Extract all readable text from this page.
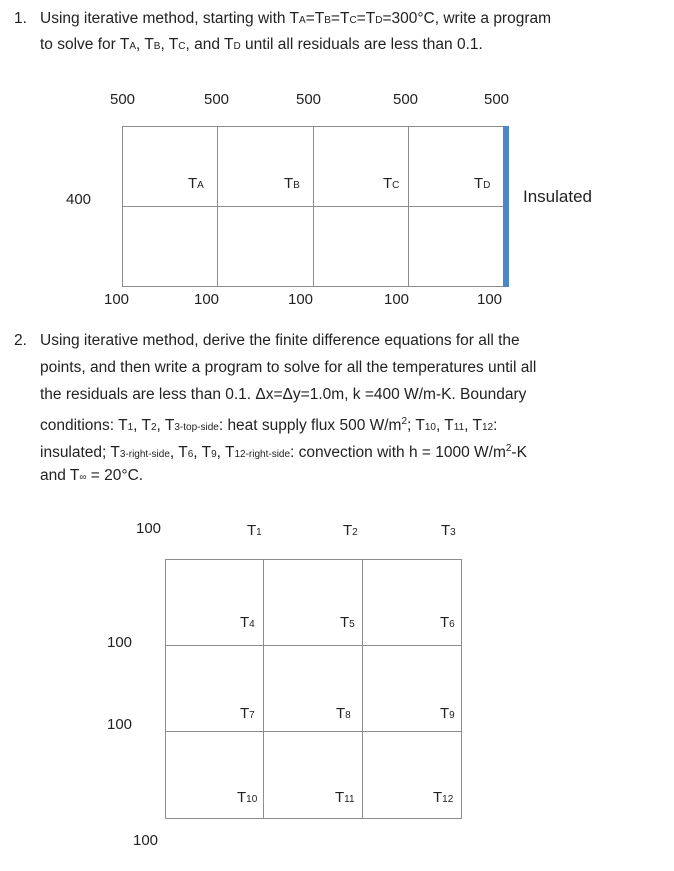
1. Using iterative method, starting with TA=TB=TC=TD=300°C, write a program
to solve for TA, TB, TC, and TD until all residuals are less than 0.1.
500	500	500	500	500
400
TA	TB	TC	TD
Insulated
100	100	100	100	100
2. Using iterative method, derive the finite difference equations for all the
points, and then write a program to solve for all the temperatures until all
the residuals are less than 0.1. Δx=Δy=1.0m, k =400 W/m-K. Boundary
conditions: T1, T2, T3-top-side: heat supply flux 500 $W/m^2$; T10, T11, T12:
insulated; T3-right-side, T6, T9, T12-right-side: convection with h = 1000 $W/m^2-K$
and T∞ = 20°C.
100	T1	T2	T3
T4	T5	T6
100
T7	T8	T9
100
T10	T11	T12
100
